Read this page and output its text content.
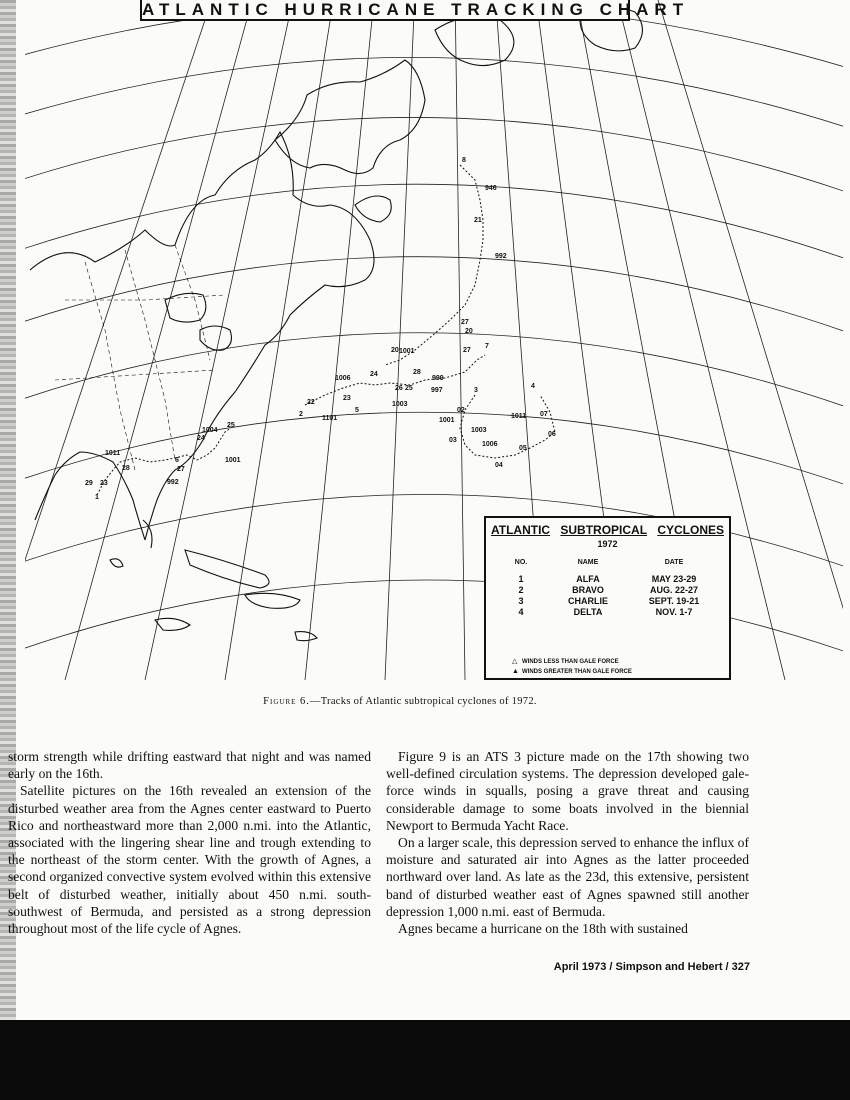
1
2
3
4
5
6
7
8
23
1011
28
24
25
29
1004
992
27
1001
22
1101
23
1006
24
25
26
1003
1001
28
999
27
20
997
02
1003
1001
03
1006
04
05
1011 07
06
21
992
946
27
20
ATLANTIC HURRICANE TRACKING CHART
ATLANTIC SUBTROPICAL CYCLONES
1972
NO.	NAME	DATE
1	ALFA	MAY 23-29
2	BRAVO	AUG. 22-27
3	CHARLIE	SEPT. 19-21
4	DELTA	NOV. 1-7
△ WINDS LESS THAN GALE FORCE
▲ WINDS GREATER THAN GALE FORCE
Figure 6.—Tracks of Atlantic subtropical cyclones of 1972.

storm strength while drifting eastward that night and was named early on the 16th.

Satellite pictures on the 16th revealed an extension of the disturbed weather area from the Agnes center eastward to Puerto Rico and northeastward more than 2,000 n.mi. into the Atlantic, associated with the lingering shear line and trough extending to the northeast of the storm center. With the growth of Agnes, a second organized convective system evolved within this extensive belt of disturbed weather, initially about 450 n.mi. south-southwest of Bermuda, and persisted as a strong depression throughout most of the life cycle of Agnes.

Figure 9 is an ATS 3 picture made on the 17th showing two well-defined circulation systems. The depression developed gale-force winds in squalls, posing a grave threat and causing considerable damage to some boats involved in the biennial Newport to Bermuda Yacht Race.

On a larger scale, this depression served to enhance the influx of moisture and saturated air into Agnes as the latter proceeded northward over land. As late as the 23d, this extensive, persistent band of disturbed weather east of Agnes spawned still another depression 1,000 n.mi. east of Bermuda.

Agnes became a hurricane on the 18th with sustained

April 1973 / Simpson and Hebert / 327
